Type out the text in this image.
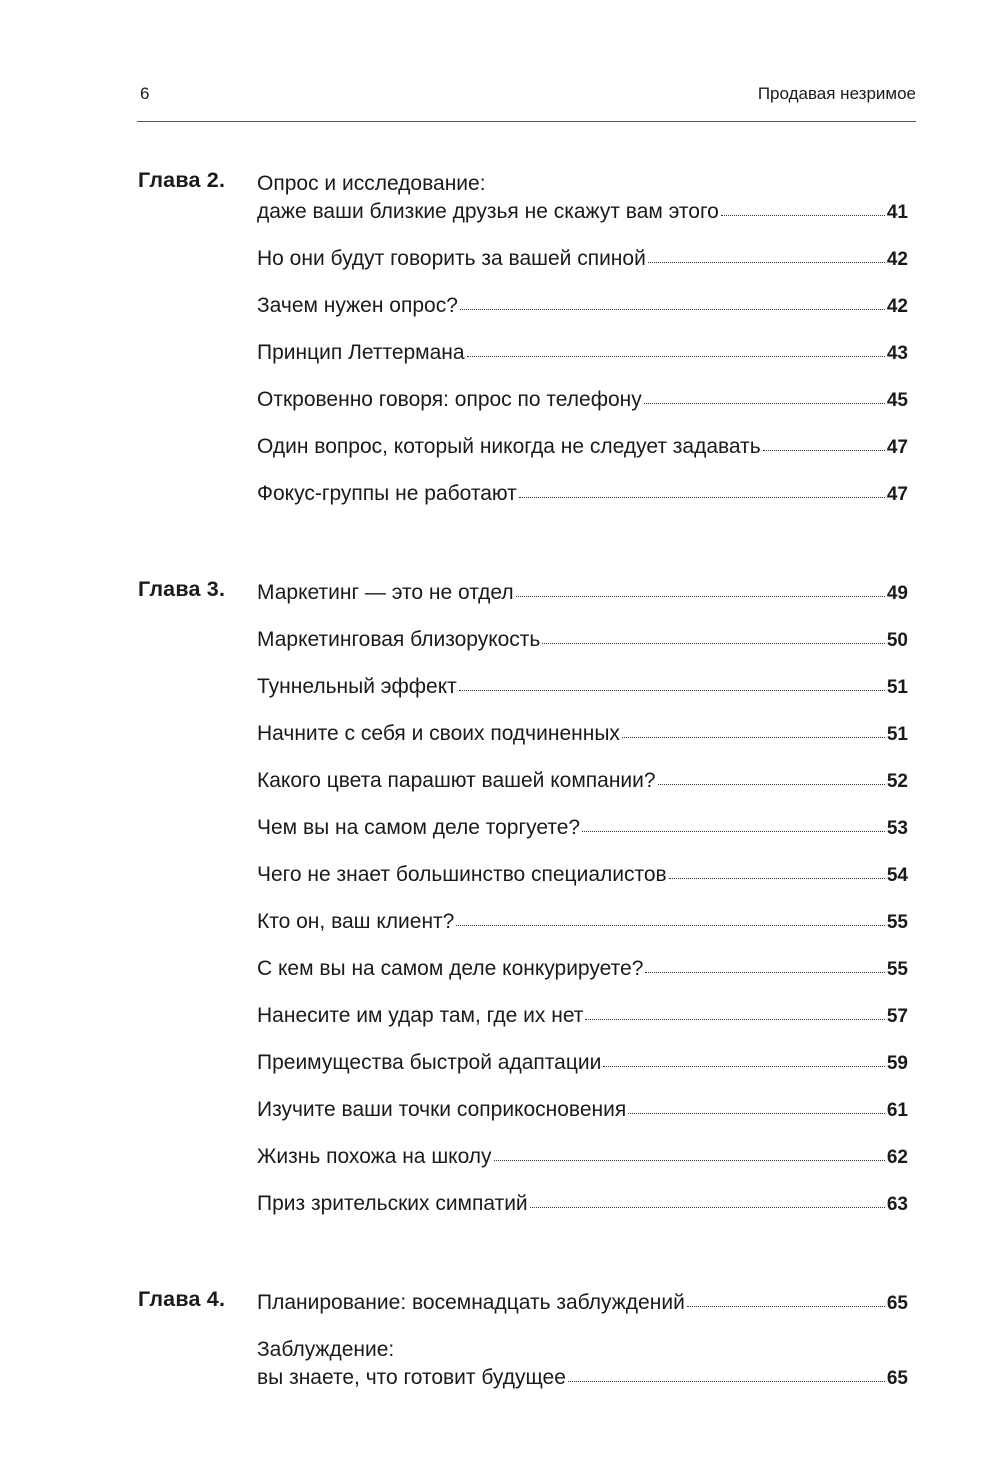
6	Продавая незримое
Глава 2. Опрос и исследование:
даже ваши близкие друзья не скажут вам этого	41
Но они будут говорить за вашей спиной	42
Зачем нужен опрос?	42
Принцип Леттермана	43
Откровенно говоря: опрос по телефону	45
Один вопрос, который никогда не следует задавать	47
Фокус-группы не работают	47
Глава 3. Маркетинг — это не отдел	49
Маркетинговая близорукость	50
Туннельный эффект	51
Начните с себя и своих подчиненных	51
Какого цвета парашют вашей компании?	52
Чем вы на самом деле торгуете?	53
Чего не знает большинство специалистов	54
Кто он, ваш клиент?	55
С кем вы на самом деле конкурируете?	55
Нанесите им удар там, где их нет	57
Преимущества быстрой адаптации	59
Изучите ваши точки соприкосновения	61
Жизнь похожа на школу	62
Приз зрительских симпатий	63
Глава 4. Планирование: восемнадцать заблуждений	65
Заблуждение:
вы знаете, что готовит будущее	65
